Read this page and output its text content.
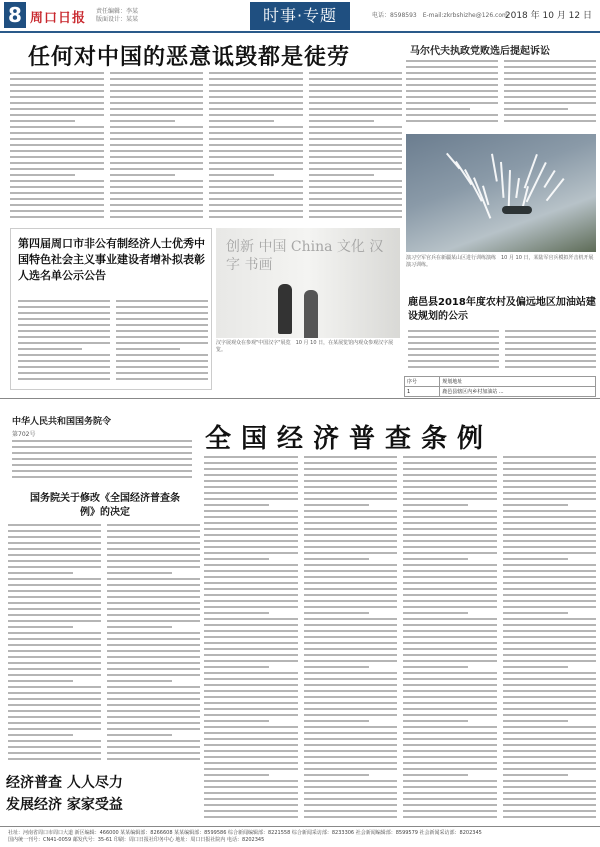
8 周口日报 责任编辑：李某
版面设计：某某	时事·专题	电话：8598593　E-mail:zkrbshizhe@126.com
2018 年 10 月 12 日
任何对中国的恶意诋毁都是徒劳	马尔代夫执政党败选后提起诉讼
演习空军官兵在新疆某山区进行训练演练　10 月 10 日，某陆军官兵模拟歼击机开展演习训练。
第四届周口市非公有制经济人士优秀中国特色社会主义事业建设者增补拟表彰人选名单公示公告
创新 中国 China 文化 汉字 书画
汉字展观众在参观"中国汉字"展览　10 月 10 日，在某展览馆内观众参观汉字展览。
鹿邑县2018年度农村及偏远地区加油站建设规划的公示
序号	规划地址
1	鹿邑县辖区内乡村加油站 ...
中华人民共和国国务院令
第702号
国务院关于修改《全国经济普查条例》的决定
全国经济普查条例
经济普查 人人尽力
发展经济 家家受益
社址：河南省周口市周口大道 新区编辑：466000 某某编辑部：8266608 某某编辑部：8599586 综合新闻编辑部：8221558 综合新闻采访部：8233306 社会新闻编辑部：8599579 社会新闻采访部：8202345
国内统一刊号：CN41-0059 邮发代号：35-61 印刷：周口日报社印务中心 地址：周口日报社院内 电话：8202345
